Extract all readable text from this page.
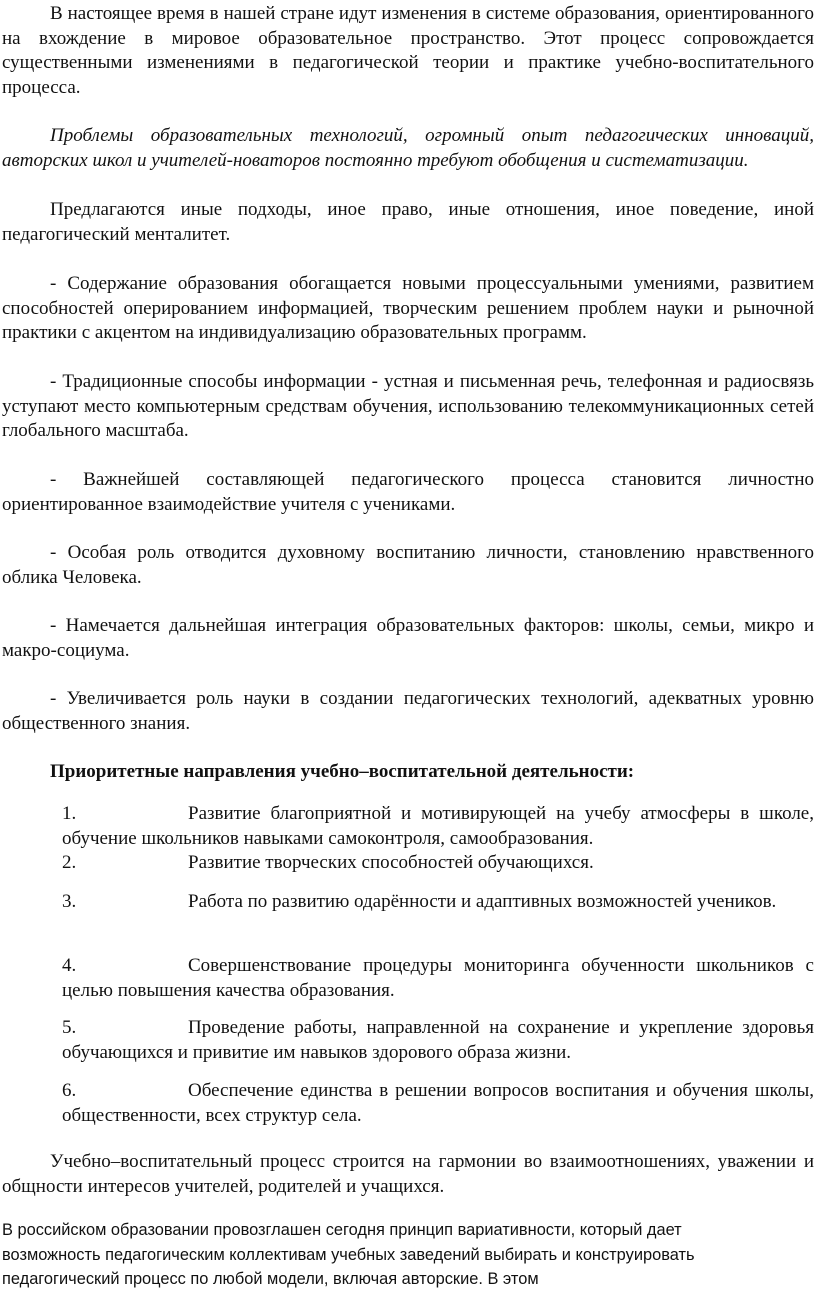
В настоящее время в нашей стране идут изменения в системе образования, ориентированного на вхождение в мировое образовательное пространство. Этот процесс сопровождается существенными изменениями в педагогической теории и практике учебно-воспитательного процесса.

Проблемы образовательных технологий, огромный опыт педагогических инноваций, авторских школ и учителей-новаторов постоянно требуют обобщения и систематизации.

Предлагаются иные подходы, иное право, иные отношения, иное поведение, иной педагогический менталитет.

- Содержание образования обогащается новыми процессуальными умениями, развитием способностей оперированием информацией, творческим решением проблем науки и рыночной практики с акцентом на индивидуализацию образовательных программ.

- Традиционные способы информации - устная и письменная речь, телефонная и радиосвязь уступают место компьютерным средствам обучения, использованию телекоммуникационных сетей глобального масштаба.

- Важнейшей составляющей педагогического процесса становится личностно ориентированное взаимодействие учителя с учениками.

- Особая роль отводится духовному воспитанию личности, становлению нравственного облика Человека.

- Намечается дальнейшая интеграция образовательных факторов: школы, семьи, микро и макро-социума.

- Увеличивается роль науки в создании педагогических технологий, адекватных уровню общественного знания.

Приоритетные направления учебно–воспитательной деятельности:

1.	Развитие благоприятной и мотивирующей на учебу атмосферы в школе, обучение школьников навыками самоконтроля, самообразования.

2.	Развитие творческих способностей обучающихся.

3.	Работа по развитию одарённости и адаптивных возможностей учеников.

4.	Совершенствование процедуры мониторинга обученности школьников с целью повышения качества образования.

5.	Проведение работы, направленной на сохранение и укрепление здоровья обучающихся и привитие им навыков здорового образа жизни.

6.	Обеспечение единства в решении вопросов воспитания и обучения школы, общественности, всех структур села.

Учебно–воспитательный процесс строится на гармонии во взаимоотношениях, уважении и общности интересов учителей, родителей и учащихся.

В российском образовании провозглашен сегодня принцип вариативности, который дает
возможность педагогическим коллективам учебных заведений выбирать и конструировать
педагогический процесс по любой модели, включая авторские. В этом
